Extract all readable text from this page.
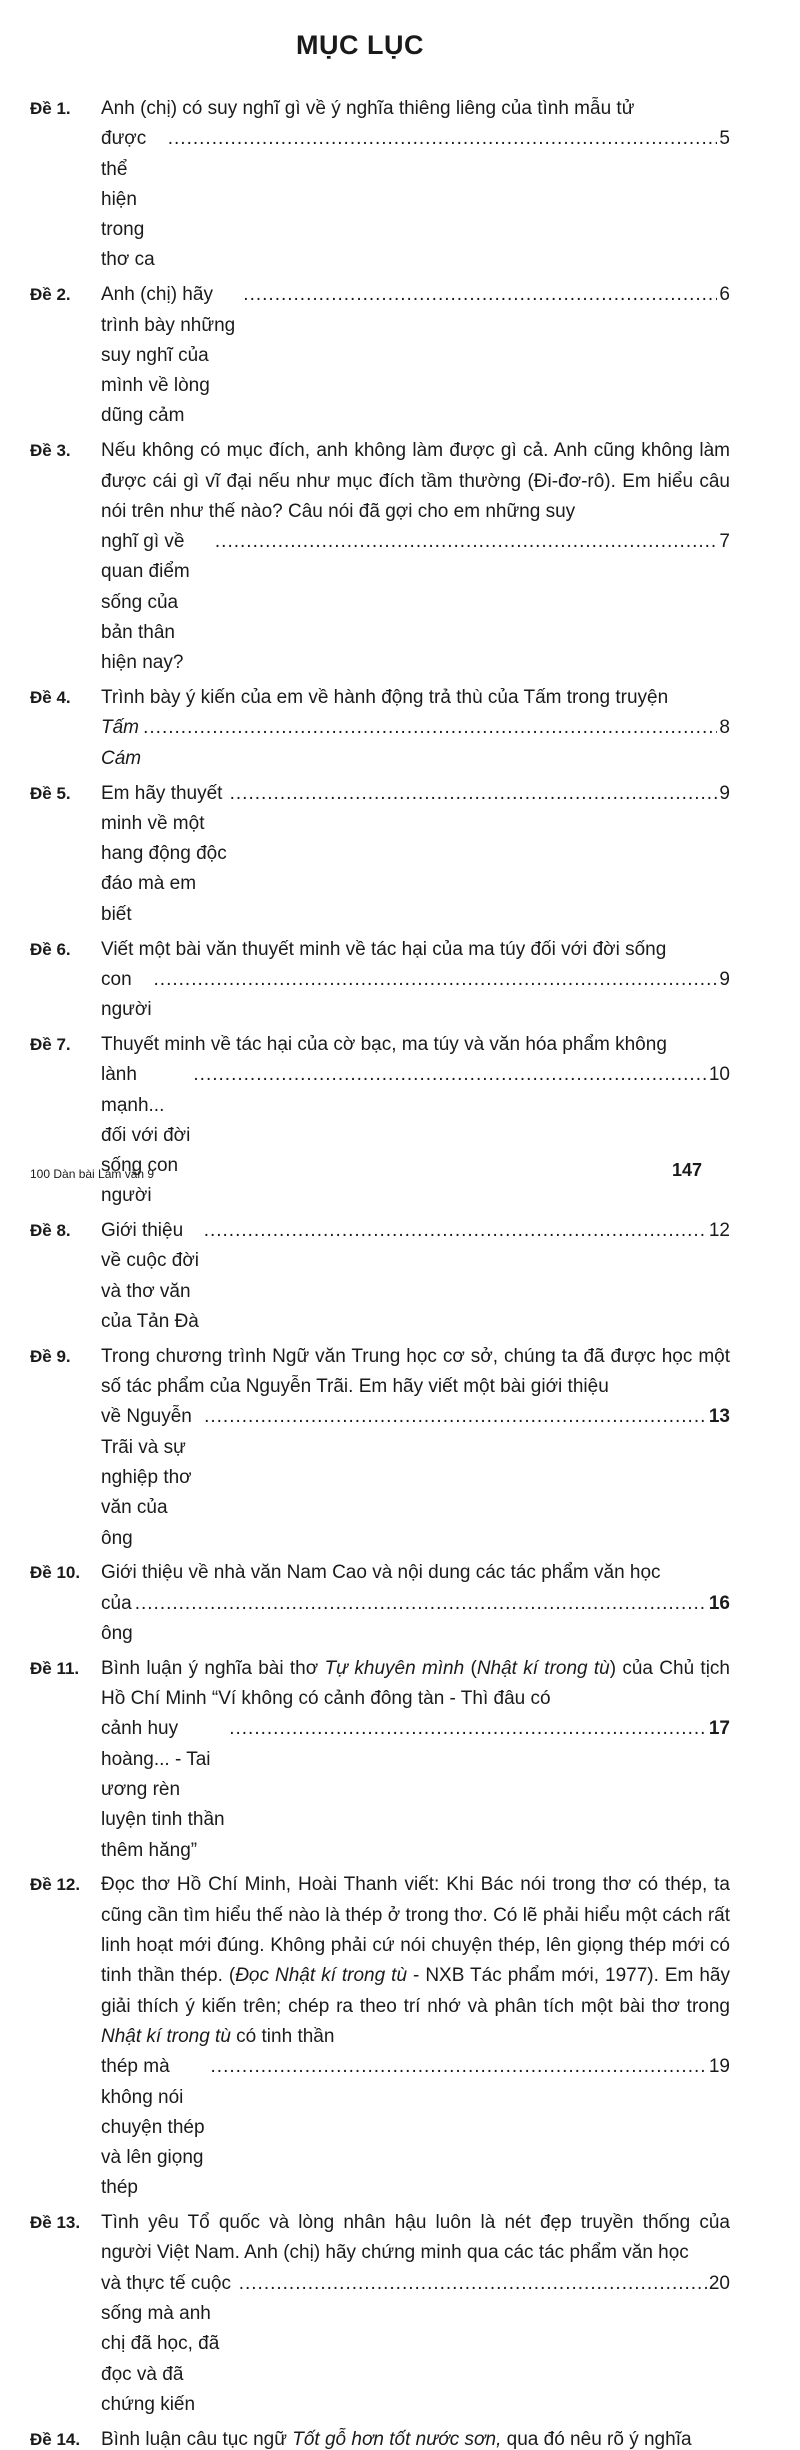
MỤC LỤC
Đề 1. Anh (chị) có suy nghĩ gì về ý nghĩa thiêng liêng của tình mẫu tử
được thể hiện trong thơ ca
.....
5
Đề 2. Anh (chị) hãy trình bày những suy nghĩ của mình về lòng dũng cảm
.....
6
Đề 3. Nếu không có mục đích, anh không làm được gì cả. Anh cũng không làm được cái gì vĩ đại nếu như mục đích tầm thường (Đi-đơ-rô). Em hiểu câu nói trên như thế nào? Câu nói đã gợi cho em những suy
nghĩ gì về quan điểm sống của bản thân hiện nay?
.....
7
Đề 4. Trình bày ý kiến của em về hành động trả thù của Tấm trong truyện
Tấm Cám
.....
8
Đề 5. Em hãy thuyết minh về một hang động độc đáo mà em biết
.....
9
Đề 6. Viết một bài văn thuyết minh về tác hại của ma túy đối với đời sống
con người
.....
9
Đề 7. Thuyết minh về tác hại của cờ bạc, ma túy và văn hóa phẩm không
lành mạnh... đối với đời sống con người
.....
10
Đề 8. Giới thiệu về cuộc đời và thơ văn của Tản Đà
.....
12
Đề 9. Trong chương trình Ngữ văn Trung học cơ sở, chúng ta đã được học một số tác phẩm của Nguyễn Trãi. Em hãy viết một bài giới thiệu
về Nguyễn Trãi và sự nghiệp thơ văn của ông
.....
13
Đề 10. Giới thiệu về nhà văn Nam Cao và nội dung các tác phẩm văn học
của ông
.....
16
Đề 11. Bình luận ý nghĩa bài thơ Tự khuyên mình (Nhật kí trong tù) của Chủ tịch Hồ Chí Minh “Ví không có cảnh đông tàn - Thì đâu có
cảnh huy hoàng... - Tai ương rèn luyện tinh thần thêm hăng”
.....
17
Đề 12. Đọc thơ Hồ Chí Minh, Hoài Thanh viết: Khi Bác nói trong thơ có thép, ta cũng cần tìm hiểu thế nào là thép ở trong thơ. Có lẽ phải hiểu một cách rất linh hoạt mới đúng. Không phải cứ nói chuyện thép, lên giọng thép mới có tinh thần thép. (Đọc Nhật kí trong tù - NXB Tác phẩm mới, 1977). Em hãy giải thích ý kiến trên; chép ra theo trí nhớ và phân tích một bài thơ trong Nhật kí trong tù có tinh thần
thép mà không nói chuyện thép và lên giọng thép
.....
19
Đề 13. Tình yêu Tổ quốc và lòng nhân hậu luôn là nét đẹp truyền thống của người Việt Nam. Anh (chị) hãy chứng minh qua các tác phẩm văn học
và thực tế cuộc sống mà anh chị đã học, đã đọc và đã chứng kiến
.....
20
Đề 14. Bình luận câu tục ngữ Tốt gỗ hơn tốt nước sơn, qua đó nêu rõ ý nghĩa
100 Dàn bài Làm văn 9	147
